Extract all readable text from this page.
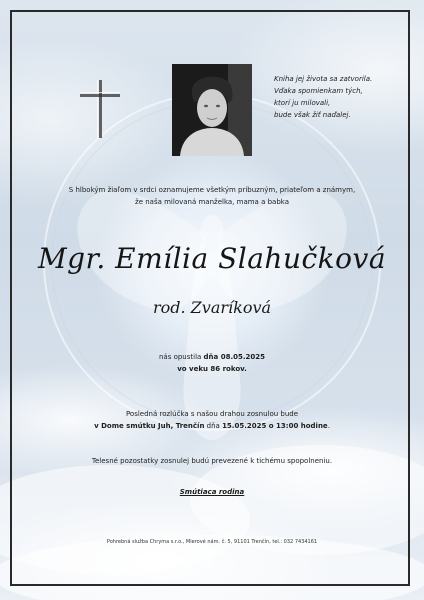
Kniha jej života sa zatvorila.
Vďaka spomienkam tých,
ktorí ju milovali,
bude však žiť naďalej.
S hlbokým žiaľom v srdci oznamujeme všetkým príbuzným, priateľom a známym,
že naša milovaná manželka, mama a babka
Mgr. Emília Slahučková
rod. Zvaríková
nás opustila dňa 08.05.2025
vo veku 86 rokov.
Posledná rozlúčka s našou drahou zosnulou bude
v Dome smútku Juh, Trenčín dňa 15.05.2025 o 13:00 hodine.
Telesné pozostatky zosnulej budú prevezené k tichému spopolneniu.
Smútiaca rodina
Pohrebná služba Chryma s.r.o., Mierové nám. č. 5, 91101 Trenčín, tel.: 032 7434161
